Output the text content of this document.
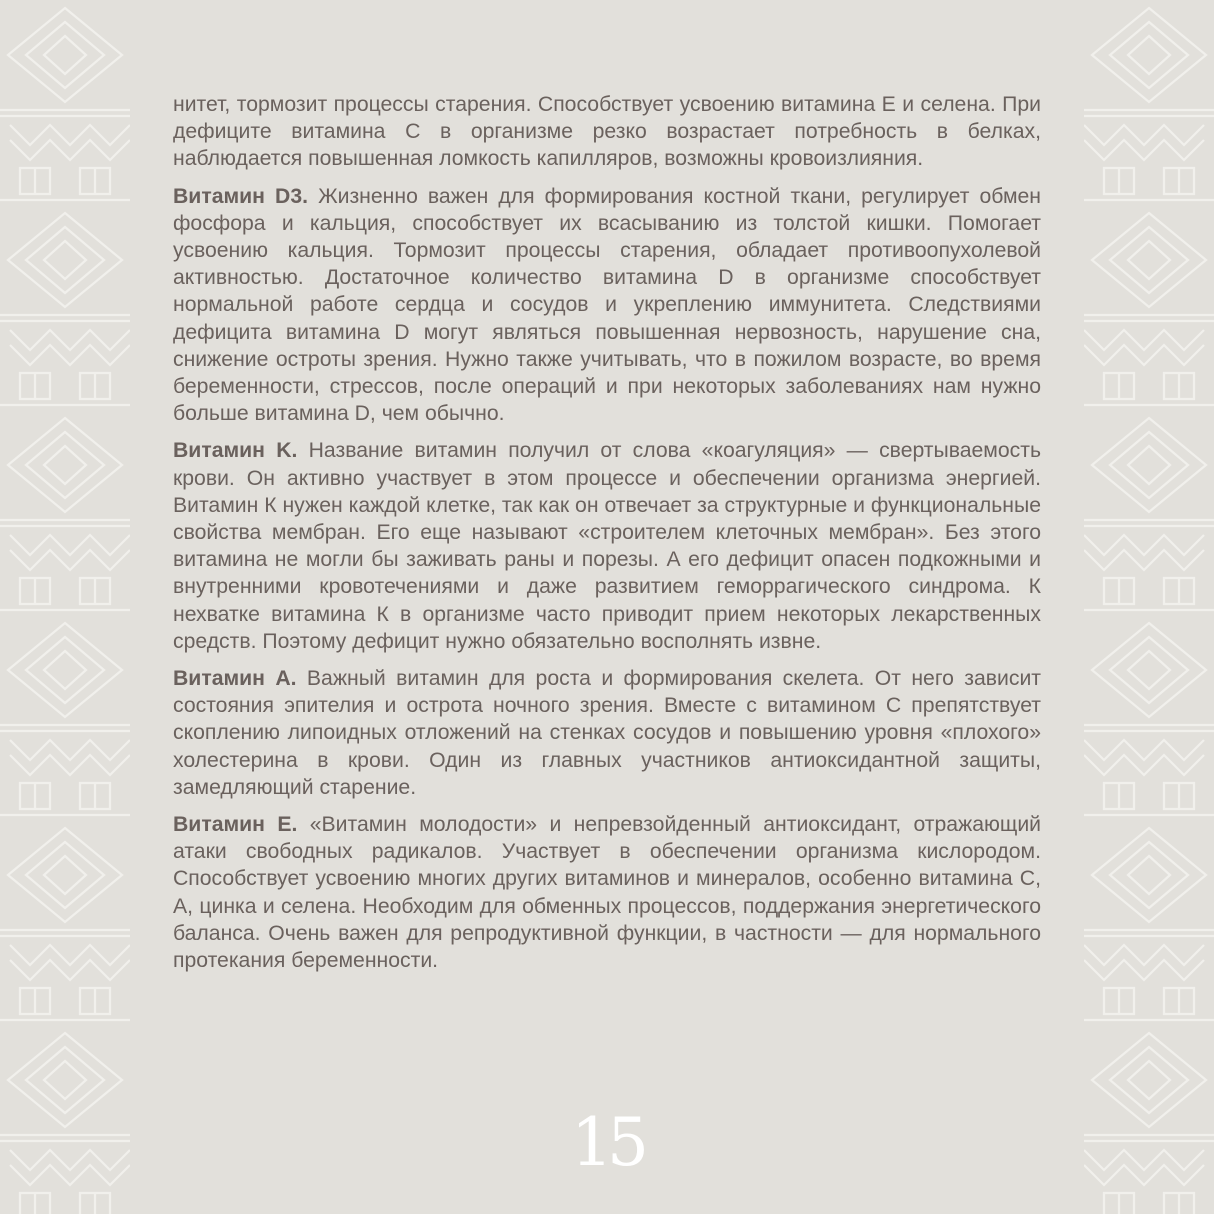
нитет, тормозит процессы старения. Способствует усвоению витамина E и селена. При дефиците витамина С в организме резко возрастает потребность в белках, наблюдается повышенная ломкость капилляров, возможны кровоизлияния.

Витамин D3. Жизненно важен для формирования костной ткани, регулирует обмен фосфора и кальция, способствует их всасыванию из толстой кишки. Помогает усвоению кальция. Тормозит процессы старения, обладает противоопухолевой активностью. Достаточное количество витамина D в организме способствует нормальной работе сердца и сосудов и укреплению иммунитета. Следствиями дефицита витамина D могут являться повышенная нервозность, нарушение сна, снижение остроты зрения. Нужно также учитывать, что в пожилом возрасте, во время беременности, стрессов, после операций и при некоторых заболеваниях нам нужно больше витамина D, чем обычно.

Витамин K. Название витамин получил от слова «коагуляция» — свертываемость крови. Он активно участвует в этом процессе и обеспечении организма энергией. Витамин К нужен каждой клетке, так как он отвечает за структурные и функциональные свойства мембран. Его еще называют «строителем клеточных мембран». Без этого витамина не могли бы заживать раны и порезы. А его дефицит опасен подкожными и внутренними кровотечениями и даже развитием геморрагического синдрома. К нехватке витамина К в организме часто приводит прием некоторых лекарственных средств. Поэтому дефицит нужно обязательно восполнять извне.

Витамин А. Важный витамин для роста и формирования скелета. От него зависит состояния эпителия и острота ночного зрения. Вместе с витамином С препятствует скоплению липоидных отложений на стенках сосудов и повышению уровня «плохого» холестерина в крови. Один из главных участников антиоксидантной защиты, замедляющий старение.

Витамин E. «Витамин молодости» и непревзойденный антиоксидант, отражающий атаки свободных радикалов. Участвует в обеспечении организма кислородом. Способствует усвоению многих других витаминов и минералов, особенно витамина С, А, цинка и селена. Необходим для обменных процессов, поддержания энергетического баланса. Очень важен для репродуктивной функции, в частности — для нормального протекания беременности.

15
